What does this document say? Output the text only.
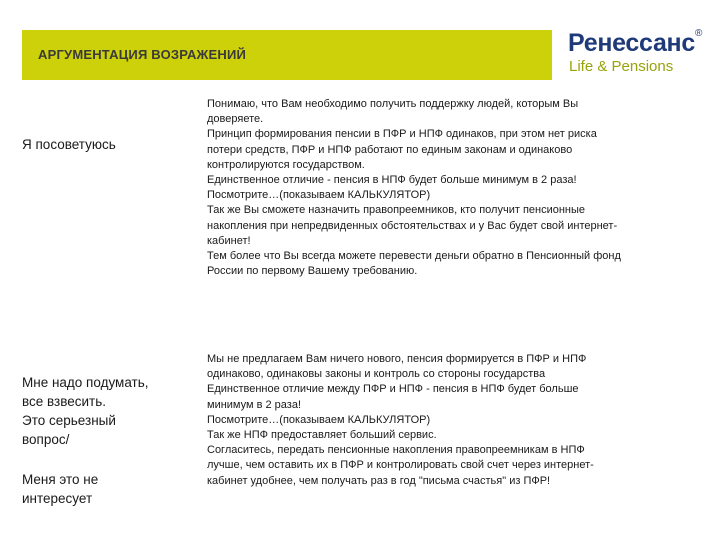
АРГУМЕНТАЦИЯ ВОЗРАЖЕНИЙ	Ренессанс ®
Life & Pensions
Я посоветуюсь
Понимаю, что Вам необходимо получить поддержку людей, которым Вы
доверяете.
Принцип формирования пенсии в ПФР и НПФ одинаков, при этом нет риска
потери средств, ПФР и НПФ работают по единым законам и одинаково
контролируются государством.
Единственное отличие - пенсия в НПФ будет больше минимум в 2 раза!
Посмотрите…(показываем КАЛЬКУЛЯТОР)
Так же Вы сможете назначить правопреемников, кто получит пенсионные
накопления при непредвиденных обстоятельствах и у Вас будет свой интернет-
кабинет!
Тем более что Вы всегда можете перевести деньги обратно в Пенсионный фонд
России по первому Вашему требованию.
Мне надо подумать,
все взвесить.
Это серьезный
вопрос/
Меня это не
интересует
Мы не предлагаем Вам ничего нового, пенсия формируется в ПФР и НПФ
одинаково, одинаковы законы и контроль со стороны государства
Единственное отличие между ПФР и НПФ - пенсия в НПФ будет больше
минимум в 2 раза!
Посмотрите…(показываем КАЛЬКУЛЯТОР)
Так же НПФ предоставляет больший сервис.
Согласитесь, передать пенсионные накопления правопреемникам в НПФ
лучше, чем оставить их в ПФР и контролировать свой счет через интернет-
кабинет удобнее, чем получать раз в год "письма счастья" из ПФР!
